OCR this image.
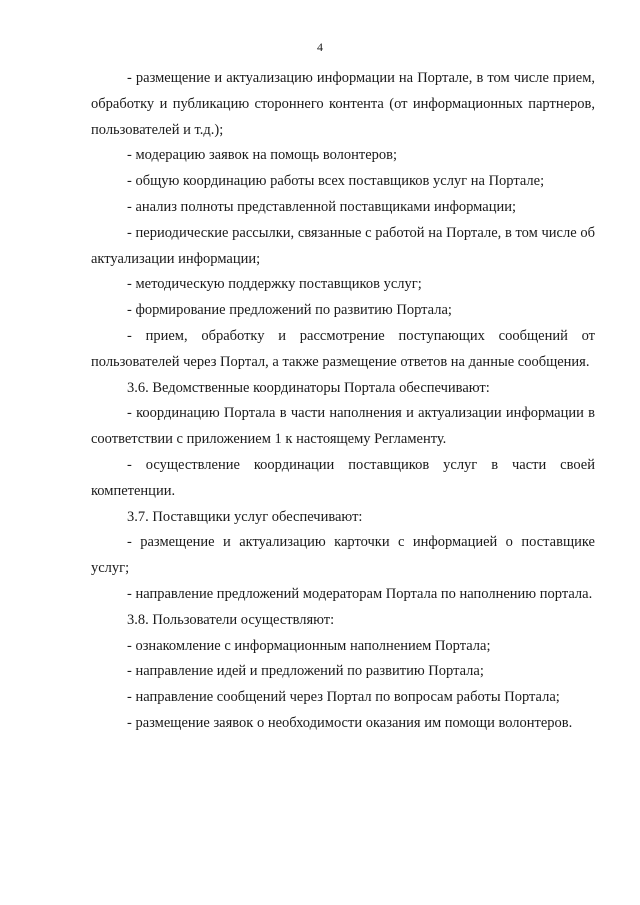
4

- размещение и актуализацию информации на Портале, в том числе прием, обработку и публикацию стороннего контента (от информационных партнеров, пользователей и т.д.);

- модерацию заявок на помощь волонтеров;

- общую координацию работы всех поставщиков услуг на Портале;

- анализ полноты представленной поставщиками информации;

- периодические рассылки, связанные с работой на Портале, в том числе об актуализации информации;

- методическую поддержку поставщиков услуг;

- формирование предложений по развитию Портала;

- прием, обработку и рассмотрение поступающих сообщений от пользователей через Портал, а также размещение ответов на данные сообщения.

3.6. Ведомственные координаторы Портала обеспечивают:

- координацию Портала в части наполнения и актуализации информации в соответствии с приложением 1 к настоящему Регламенту.

- осуществление координации поставщиков услуг в части своей компетенции.

3.7. Поставщики услуг обеспечивают:

- размещение и актуализацию карточки с информацией о поставщике услуг;

- направление предложений модераторам Портала по наполнению портала.

3.8. Пользователи осуществляют:

- ознакомление с информационным наполнением Портала;

- направление идей и предложений по развитию Портала;

- направление сообщений через Портал по вопросам работы Портала;

- размещение заявок о необходимости оказания им помощи волонтеров.
